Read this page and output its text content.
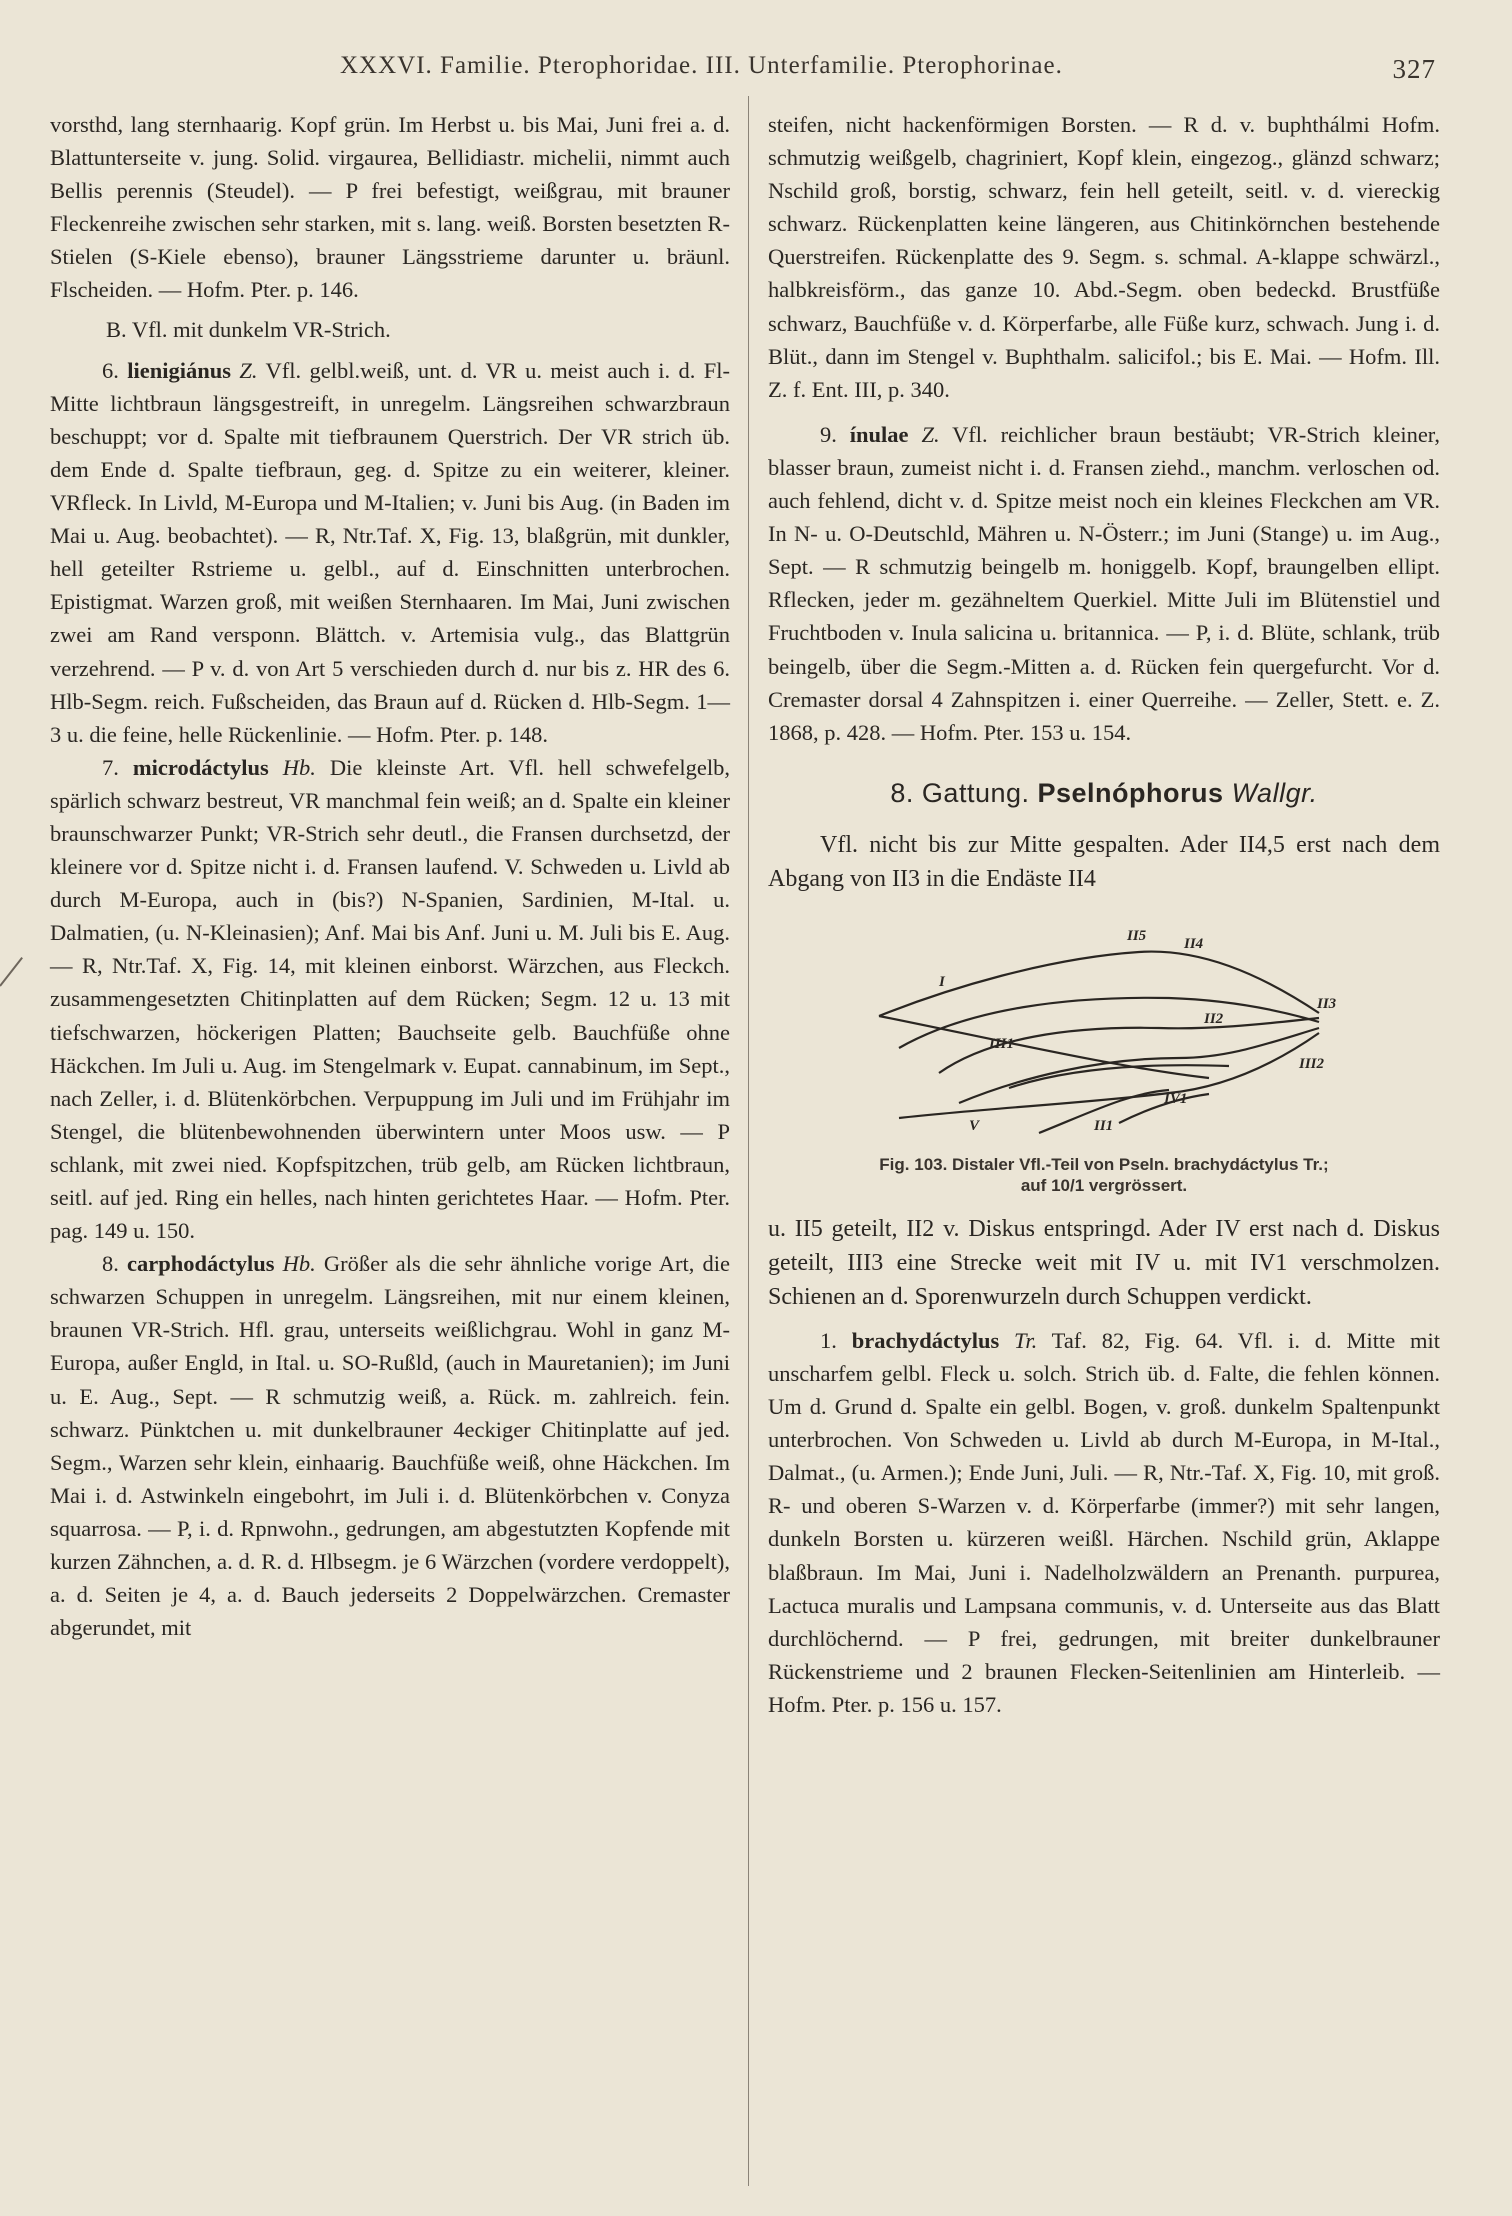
XXXVI. Familie. Pterophoridae. III. Unterfamilie. Pterophorinae.	327

vorsthd, lang sternhaarig. Kopf grün. Im Herbst u. bis Mai, Juni frei a. d. Blattunterseite v. jung. Solid. virgaurea, Bellidiastr. michelii, nimmt auch Bellis perennis (Steudel). — P frei befestigt, weißgrau, mit brauner Fleckenreihe zwischen sehr starken, mit s. lang. weiß. Borsten besetzten R-Stielen (S-Kiele ebenso), brauner Längsstrieme darunter u. bräunl. Flscheiden. — Hofm. Pter. p. 146.

B. Vfl. mit dunkelm VR-Strich.

6. lienigiánus Z. Vfl. gelbl.weiß, unt. d. VR u. meist auch i. d. Fl-Mitte lichtbraun längsgestreift, in unregelm. Längsreihen schwarzbraun beschuppt; vor d. Spalte mit tiefbraunem Querstrich. Der VR strich üb. dem Ende d. Spalte tiefbraun, geg. d. Spitze zu ein weiterer, kleiner. VRfleck. In Livld, M-Europa und M-Italien; v. Juni bis Aug. (in Baden im Mai u. Aug. beobachtet). — R, Ntr.Taf. X, Fig. 13, blaßgrün, mit dunkler, hell geteilter Rstrieme u. gelbl., auf d. Einschnitten unterbrochen. Epistigmat. Warzen groß, mit weißen Sternhaaren. Im Mai, Juni zwischen zwei am Rand versponn. Blättch. v. Artemisia vulg., das Blattgrün verzehrend. — P v. d. von Art 5 verschieden durch d. nur bis z. HR des 6. Hlb-Segm. reich. Fußscheiden, das Braun auf d. Rücken d. Hlb-Segm. 1—3 u. die feine, helle Rückenlinie. — Hofm. Pter. p. 148.

7. microdáctylus Hb. Die kleinste Art. Vfl. hell schwefelgelb, spärlich schwarz bestreut, VR manchmal fein weiß; an d. Spalte ein kleiner braunschwarzer Punkt; VR-Strich sehr deutl., die Fransen durchsetzd, der kleinere vor d. Spitze nicht i. d. Fransen laufend. V. Schweden u. Livld ab durch M-Europa, auch in (bis?) N-Spanien, Sardinien, M-Ital. u. Dalmatien, (u. N-Kleinasien); Anf. Mai bis Anf. Juni u. M. Juli bis E. Aug. — R, Ntr.Taf. X, Fig. 14, mit kleinen einborst. Wärzchen, aus Fleckch. zusammengesetzten Chitinplatten auf dem Rücken; Segm. 12 u. 13 mit tiefschwarzen, höckerigen Platten; Bauchseite gelb. Bauchfüße ohne Häckchen. Im Juli u. Aug. im Stengelmark v. Eupat. cannabinum, im Sept., nach Zeller, i. d. Blütenkörbchen. Verpuppung im Juli und im Frühjahr im Stengel, die blütenbewohnenden überwintern unter Moos usw. — P schlank, mit zwei nied. Kopfspitzchen, trüb gelb, am Rücken lichtbraun, seitl. auf jed. Ring ein helles, nach hinten gerichtetes Haar. — Hofm. Pter. pag. 149 u. 150.

8. carphodáctylus Hb. Größer als die sehr ähnliche vorige Art, die schwarzen Schuppen in unregelm. Längsreihen, mit nur einem kleinen, braunen VR-Strich. Hfl. grau, unterseits weißlichgrau. Wohl in ganz M-Europa, außer Engld, in Ital. u. SO-Rußld, (auch in Mauretanien); im Juni u. E. Aug., Sept. — R schmutzig weiß, a. Rück. m. zahlreich. fein. schwarz. Pünktchen u. mit dunkelbrauner 4eckiger Chitinplatte auf jed. Segm., Warzen sehr klein, einhaarig. Bauchfüße weiß, ohne Häckchen. Im Mai i. d. Astwinkeln eingebohrt, im Juli i. d. Blütenkörbchen v. Conyza squarrosa. — P, i. d. Rpnwohn., gedrungen, am abgestutzten Kopfende mit kurzen Zähnchen, a. d. R. d. Hlbsegm. je 6 Wärzchen (vordere verdoppelt), a. d. Seiten je 4, a. d. Bauch jederseits 2 Doppelwärzchen. Cremaster abgerundet, mit

steifen, nicht hackenförmigen Borsten. — R d. v. buphthálmi Hofm. schmutzig weißgelb, chagriniert, Kopf klein, eingezog., glänzd schwarz; Nschild groß, borstig, schwarz, fein hell geteilt, seitl. v. d. viereckig schwarz. Rückenplatten keine längeren, aus Chitinkörnchen bestehende Querstreifen. Rückenplatte des 9. Segm. s. schmal. A-klappe schwärzl., halbkreisförm., das ganze 10. Abd.-Segm. oben bedeckd. Brustfüße schwarz, Bauchfüße v. d. Körperfarbe, alle Füße kurz, schwach. Jung i. d. Blüt., dann im Stengel v. Buphthalm. salicifol.; bis E. Mai. — Hofm. Ill. Z. f. Ent. III, p. 340.

9. ínulae Z. Vfl. reichlicher braun bestäubt; VR-Strich kleiner, blasser braun, zumeist nicht i. d. Fransen ziehd., manchm. verloschen od. auch fehlend, dicht v. d. Spitze meist noch ein kleines Fleckchen am VR. In N- u. O-Deutschld, Mähren u. N-Österr.; im Juni (Stange) u. im Aug., Sept. — R schmutzig beingelb m. honiggelb. Kopf, braungelben ellipt. Rflecken, jeder m. gezähneltem Querkiel. Mitte Juli im Blütenstiel und Fruchtboden v. Inula salicina u. britannica. — P, i. d. Blüte, schlank, trüb beingelb, über die Segm.-Mitten a. d. Rücken fein quergefurcht. Vor d. Cremaster dorsal 4 Zahnspitzen i. einer Querreihe. — Zeller, Stett. e. Z. 1868, p. 428. — Hofm. Pter. 153 u. 154.

8. Gattung. Pselnóphorus Wallgr.

Vfl. nicht bis zur Mitte gespalten. Ader II4,5 erst nach dem Abgang von II3 in die Endäste II4

I
II5	II4
II3
II2
III1
III2
IV1
II1
V
Fig. 103. Distaler Vfl.-Teil von Pseln. brachydáctylus Tr.;
auf 10/1 vergrössert.

u. II5 geteilt, II2 v. Diskus entspringd. Ader IV erst nach d. Diskus geteilt, III3 eine Strecke weit mit IV u. mit IV1 verschmolzen. Schienen an d. Sporenwurzeln durch Schuppen verdickt.

1. brachydáctylus Tr. Taf. 82, Fig. 64. Vfl. i. d. Mitte mit unscharfem gelbl. Fleck u. solch. Strich üb. d. Falte, die fehlen können. Um d. Grund d. Spalte ein gelbl. Bogen, v. groß. dunkelm Spaltenpunkt unterbrochen. Von Schweden u. Livld ab durch M-Europa, in M-Ital., Dalmat., (u. Armen.); Ende Juni, Juli. — R, Ntr.-Taf. X, Fig. 10, mit groß. R- und oberen S-Warzen v. d. Körperfarbe (immer?) mit sehr langen, dunkeln Borsten u. kürzeren weißl. Härchen. Nschild grün, Aklappe blaßbraun. Im Mai, Juni i. Nadelholzwäldern an Prenanth. purpurea, Lactuca muralis und Lampsana communis, v. d. Unterseite aus das Blatt durchlöchernd. — P frei, gedrungen, mit breiter dunkelbrauner Rückenstrieme und 2 braunen Flecken-Seitenlinien am Hinterleib. — Hofm. Pter. p. 156 u. 157.
